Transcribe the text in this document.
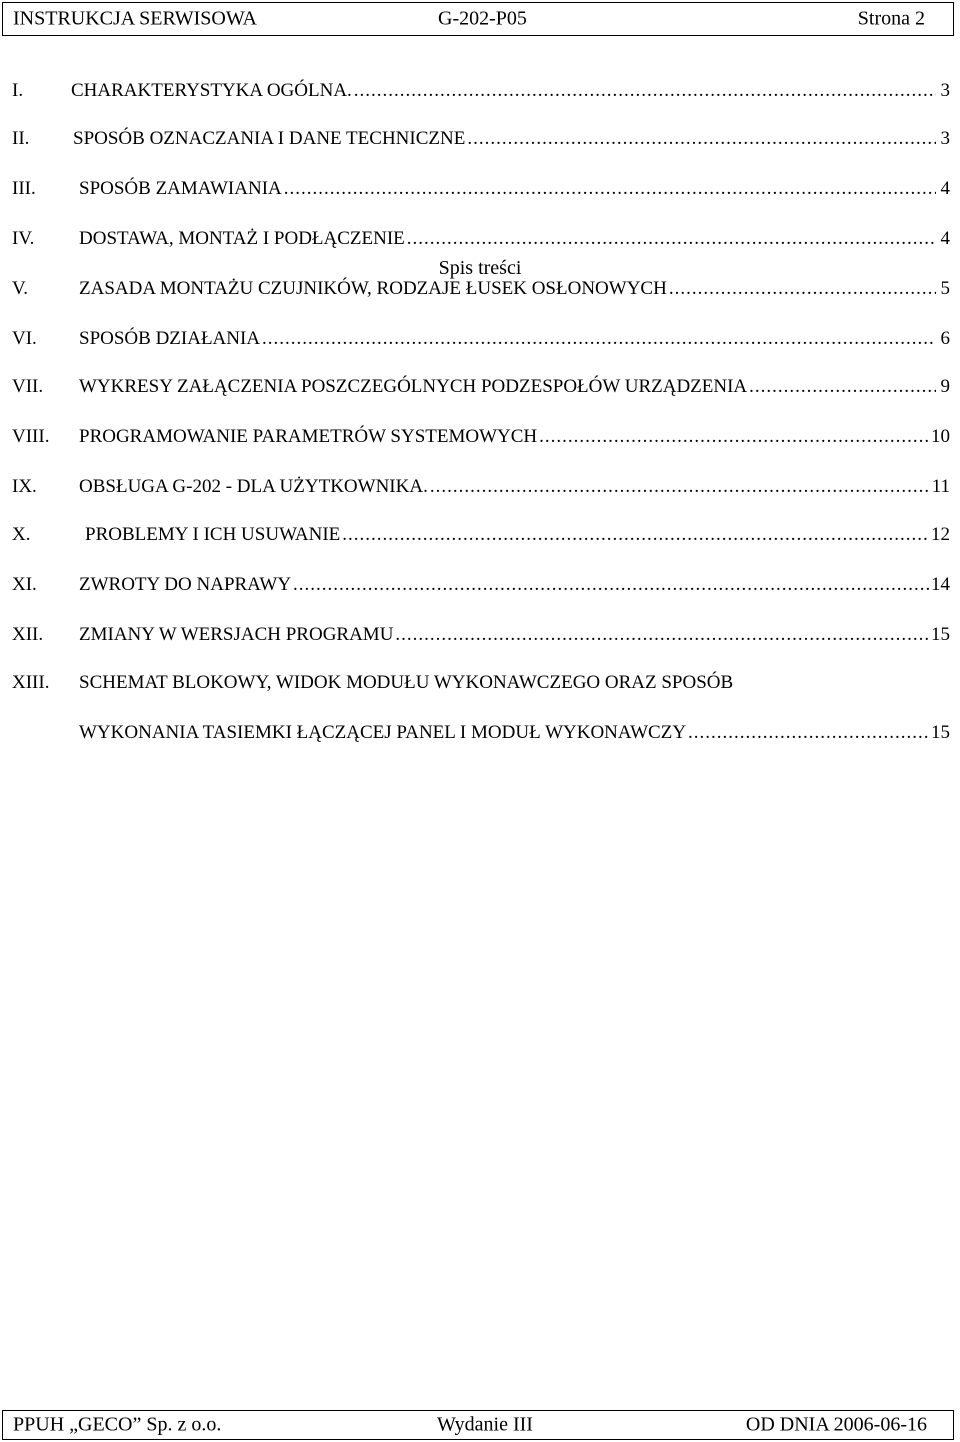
INSTRUKCJA SERWISOWA	G-202-P05	Strona 2
Spis treści
I.	CHARAKTERYSTYKA OGÓLNA. .....	3
II. SPOSÓB OZNACZANIA I DANE TECHNICZNE .....	3
III. SPOSÓB ZAMAWIANIA .....	4
IV. DOSTAWA, MONTAŻ I PODŁĄCZENIE .....	4
V.	ZASADA MONTAŻU CZUJNIKÓW, RODZAJE ŁUSEK OSŁONOWYCH .....	5
VI. SPOSÓB DZIAŁANIA .....	6
VII. WYKRESY ZAŁĄCZENIA POSZCZEGÓLNYCH PODZESPOŁÓW URZĄDZENIA .....	9
VIII. PROGRAMOWANIE PARAMETRÓW SYSTEMOWYCH .....	10
IX. OBSŁUGA G-202 - DLA UŻYTKOWNIKA. .....	11
X.	PROBLEMY I ICH USUWANIE .....	12
XI. ZWROTY DO NAPRAWY .....	14
XII. ZMIANY W WERSJACH PROGRAMU .....	15
XIII. SCHEMAT BLOKOWY, WIDOK MODUŁU WYKONAWCZEGO ORAZ SPOSÓB
WYKONANIA TASIEMKI ŁĄCZĄCEJ PANEL I MODUŁ WYKONAWCZY .....	15
PPUH „GECO” Sp. z o.o.	Wydanie III	OD DNIA 2006-06-16
